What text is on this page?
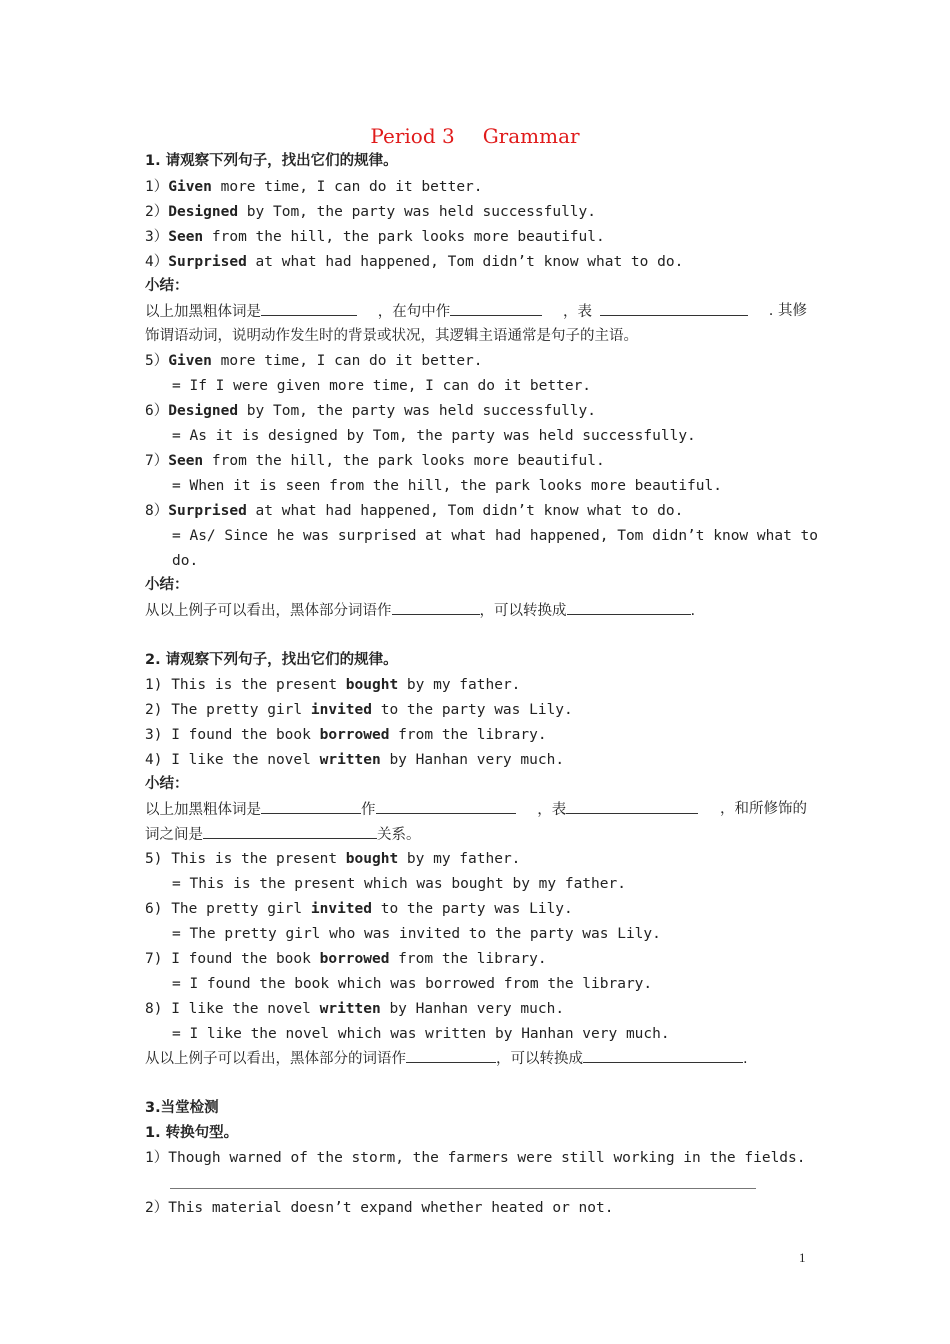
Period 3 Grammar
1. 请观察下列句子，找出它们的规律。
1）Given more time, I can do it better.
2）Designed by Tom, the party was held successfully.
3）Seen from the hill, the park looks more beautiful.
4）Surprised at what had happened, Tom didn’t know what to do.
小结：
以上加黑粗体词是	，在句中作	，表	. 其修
饰谓语动词，说明动作发生时的背景或状况，其逻辑主语通常是句子的主语。
5）Given more time, I can do it better.
= If I were given more time, I can do it better.
6）Designed by Tom, the party was held successfully.
= As it is designed by Tom, the party was held successfully.
7）Seen from the hill, the park looks more beautiful.
= When it is seen from the hill, the park looks more beautiful.
8）Surprised at what had happened, Tom didn’t know what to do.
= As/ Since he was surprised at what had happened, Tom didn’t know what to
do.
小结：
从以上例子可以看出，黑体部分词语作	，可以转换成	.
2. 请观察下列句子，找出它们的规律。
1) This is the present bought by my father.
2) The pretty girl invited to the party was Lily.
3) I found the book borrowed from the library.
4) I like the novel written by Hanhan very much.
小结：
以上加黑粗体词是	作	，表	，和所修饰的
词之间是	关系。
5) This is the present bought by my father.
= This is the present which was bought by my father.
6) The pretty girl invited to the party was Lily.
= The pretty girl who was invited to the party was Lily.
7) I found the book borrowed from the library.
= I found the book which was borrowed from the library.
8) I like the novel written by Hanhan very much.
= I like the novel which was written by Hanhan very much.
从以上例子可以看出，黑体部分的词语作	，可以转换成	.
3.当堂检测
1. 转换句型。
1）Though warned of the storm, the farmers were still working in the fields.
2）This material doesn’t expand whether heated or not.
1
